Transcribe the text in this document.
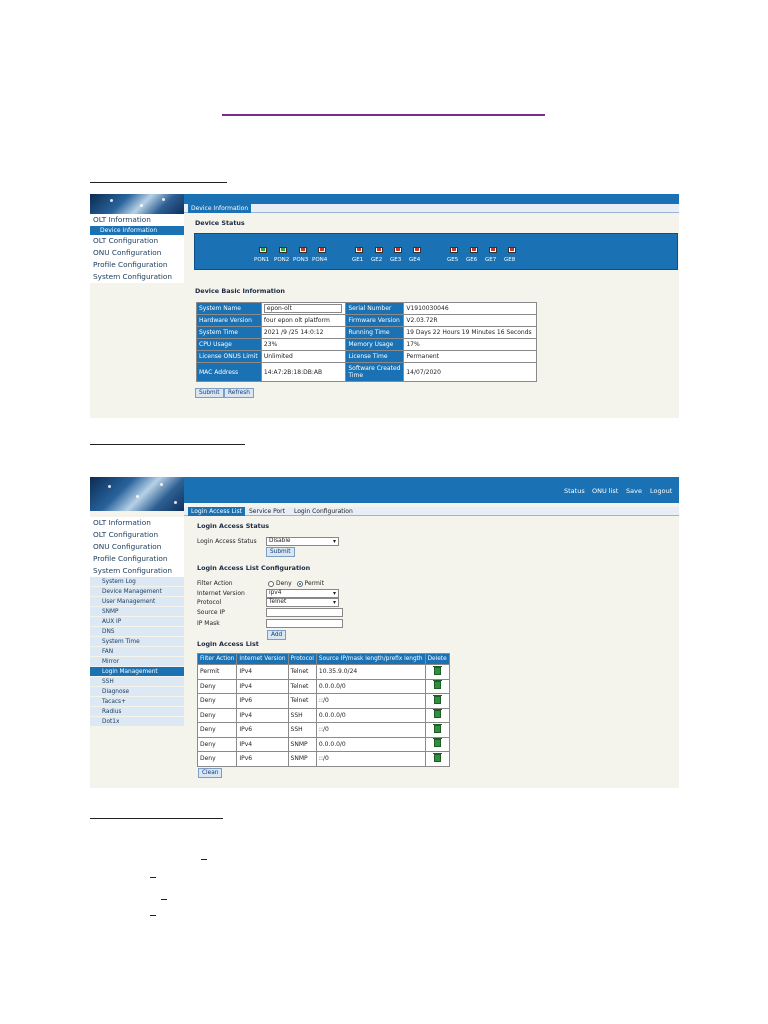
Device Information
OLT Information
Device Information
OLT Configuration
ONU Configuration
Profile Configuration
System Configuration
Device Status
PON1 PON2 PON3 PON4	GE1 GE2 GE3 GE4	GE5 GE6 GE7 GE8
Device Basic Information
System Name	epon-olt	Serial Number	V1910030046
Hardware Version	four epon olt platform	Firmware Version	V2.03.72R
System Time	2021 /9 /25 14:0:12	Running Time	19 Days 22 Hours 19 Minutes 16 Seconds
CPU Usage	23%	Memory Usage	17%
License ONUS Limit	Unlimited	License Time	Permanent
MAC Address	14:A7:2B:18:DB:AB	Software Created Time	14/07/2020
Submit	Refresh
Status ONU list Save Logout
Login Access List	Service Port	Login Configuration
OLT Information
OLT Configuration
ONU Configuration
Profile Configuration
System Configuration
System Log
Device Management
User Management
SNMP
AUX IP
DNS
System Time
FAN
Mirror
Login Management
SSH
Diagnose
Tacacs+
Radius
Dot1x
Login Access Status
Login Access Status	Disable ▾
Submit
Login Access List Configuration
Filter Action	Deny Permit
Internet Version	ipv4 ▾
Protocol	Telnet ▾
Source IP
IP Mask
Add
Login Access List
Filter Action	Internet Version	Protocol	Source IP/mask length/prefix length	Delete
Permit	IPv4	Telnet	10.35.9.0/24	
Deny	IPv4	Telnet	0.0.0.0/0	
Deny	IPv6	Telnet	::/0	
Deny	IPv4	SSH	0.0.0.0/0	
Deny	IPv6	SSH	::/0	
Deny	IPv4	SNMP	0.0.0.0/0	
Deny	IPv6	SNMP	::/0	
Clean
